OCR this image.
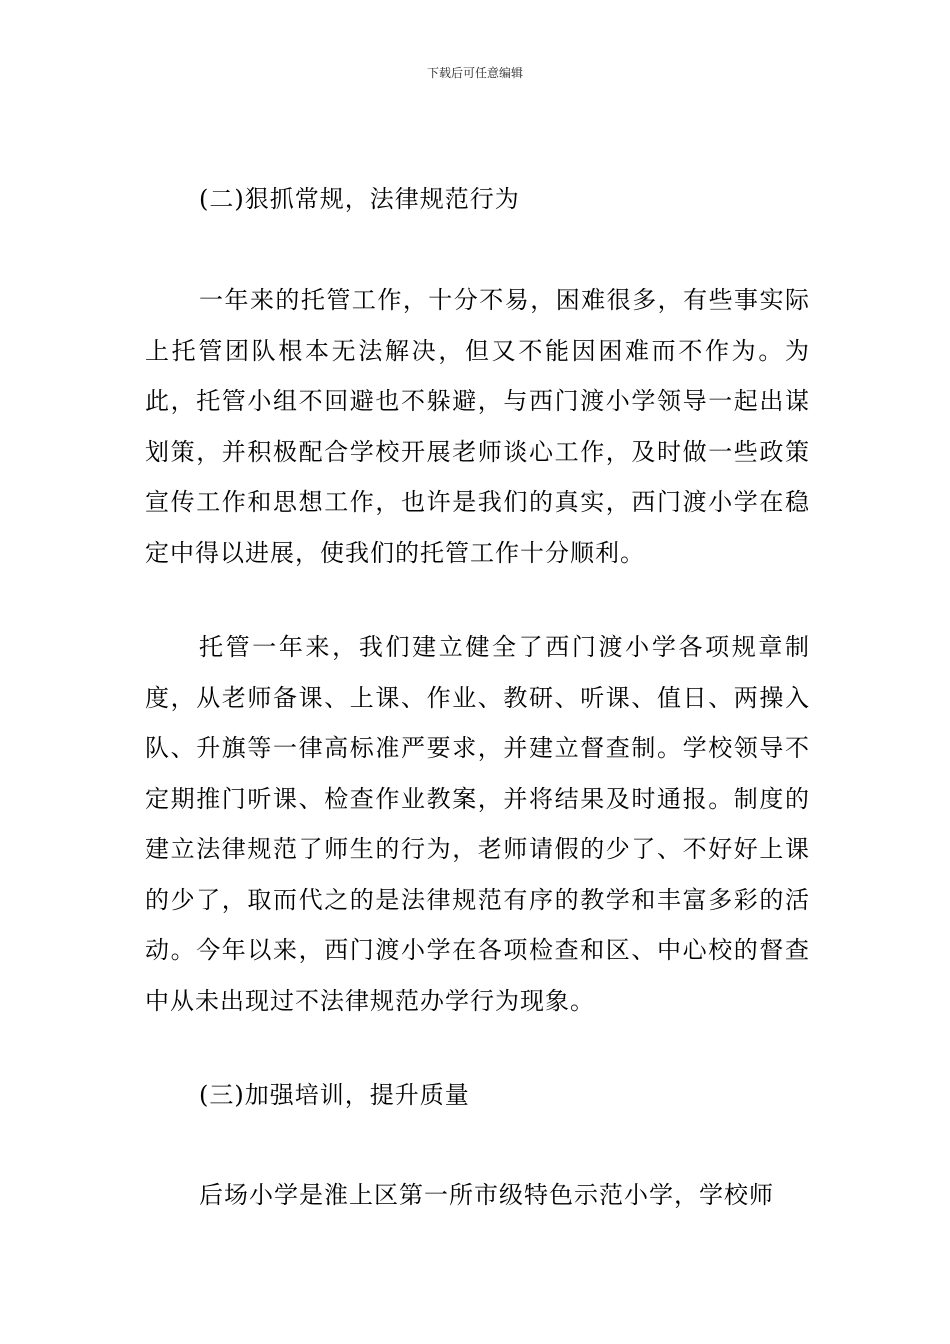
下载后可任意编辑

(二)狠抓常规，法律规范行为

一年来的托管工作，十分不易，困难很多，有些事实际上托管团队根本无法解决，但又不能因困难而不作为。为此，托管小组不回避也不躲避，与西门渡小学领导一起出谋划策，并积极配合学校开展老师谈心工作，及时做一些政策宣传工作和思想工作，也许是我们的真实，西门渡小学在稳定中得以进展，使我们的托管工作十分顺利。

托管一年来，我们建立健全了西门渡小学各项规章制度，从老师备课、上课、作业、教研、听课、值日、两操入队、升旗等一律高标准严要求，并建立督查制。学校领导不定期推门听课、检查作业教案，并将结果及时通报。制度的建立法律规范了师生的行为，老师请假的少了、不好好上课的少了，取而代之的是法律规范有序的教学和丰富多彩的活动。今年以来，西门渡小学在各项检查和区、中心校的督查中从未出现过不法律规范办学行为现象。

(三)加强培训，提升质量

后场小学是淮上区第一所市级特色示范小学，学校师
